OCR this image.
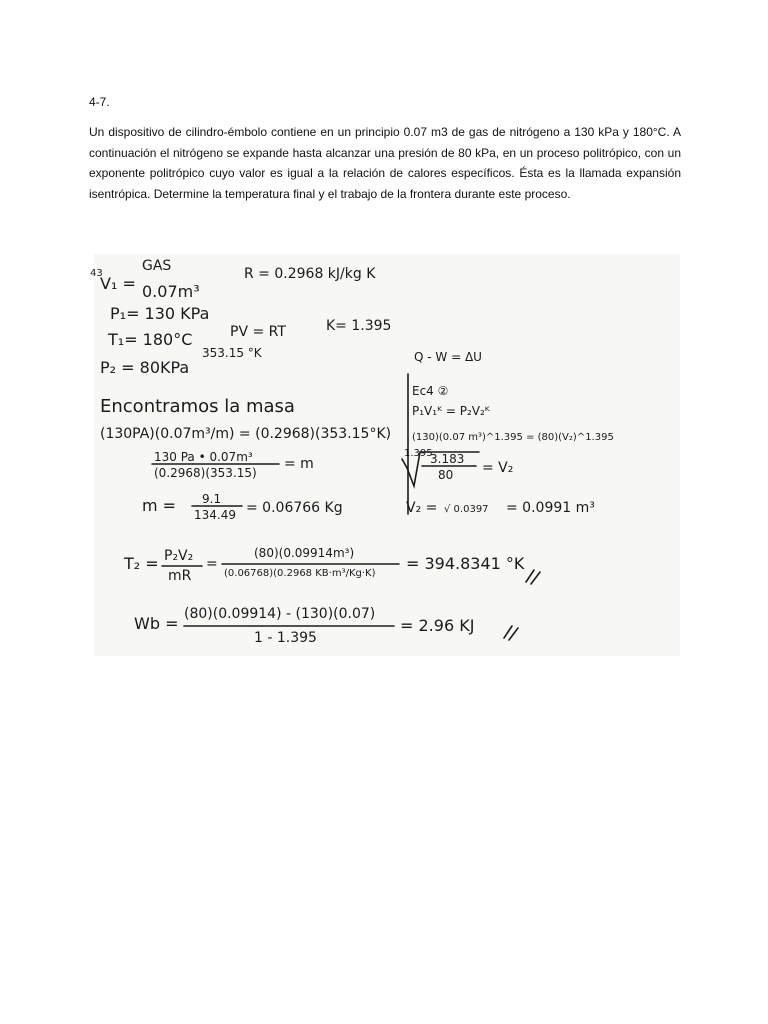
4-7.

Un dispositivo de cilindro-émbolo contiene en un principio 0.07 m3 de gas de nitrógeno a 130 kPa y 180°C. A continuación el nitrógeno se expande hasta alcanzar una presión de 80 kPa, en un proceso politrópico, con un exponente politrópico cuyo valor es igual a la relación de calores específicos. Ésta es la llamada expansión isentrópica. Determine la temperatura final y el trabajo de la frontera durante este proceso.

43
V₁ =
GAS
0.07m³
R = 0.2968 kJ/kg K
P₁= 130 KPa
T₁= 180°C	PV = RT
353.15 °K
K= 1.395
P₂ = 80KPa
Q - W = ΔU
Encontramos la masa
Ec4 ②
P₁V₁ᴷ = P₂V₂ᴷ
(130PA)(0.07m³/m) = (0.2968)(353.15°K) (130)(0.07 m³)^1.395 = (80)(V₂)^1.395
130 Pa • 0.07m³
(0.2968)(353.15)
= m
1.395
3.183
80 = V₂
m = 9.1
134.49 = 0.06766 Kg	V₂ = √ 0.0397 = 0.0991 m³
T₂ = P₂V₂
mR
=
(80)(0.09914m³)
(0.06768)(0.2968 KB·m³/Kg·K)
= 394.8341 °K
Wb = (80)(0.09914) - (130)(0.07)
1 - 1.395
= 2.96 KJ
